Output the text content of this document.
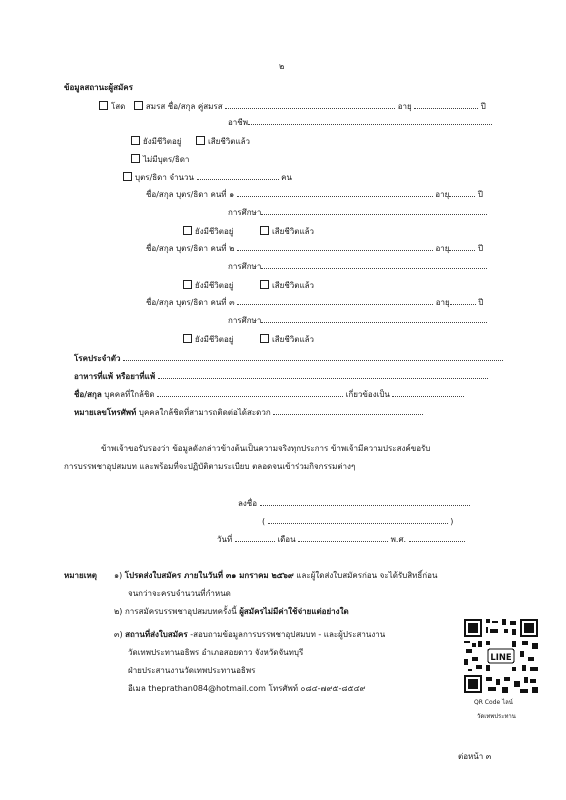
๒
ข้อมูลสถานะผู้สมัคร
โสด	สมรส ชื่อ/สกุล คู่สมรส	อายุ	ปี
อาชีพ
ยังมีชีวิตอยู่	เสียชีวิตแล้ว
ไม่มีบุตร/ธิดา
บุตร/ธิดา จำนวน	คน
ชื่อ/สกุล บุตร/ธิดา คนที่ ๑	อายุ	ปี
การศึกษา
ยังมีชีวิตอยู่	เสียชีวิตแล้ว
ชื่อ/สกุล บุตร/ธิดา คนที่ ๒	อายุ	ปี
การศึกษา
ยังมีชีวิตอยู่	เสียชีวิตแล้ว
ชื่อ/สกุล บุตร/ธิดา คนที่ ๓	อายุ	ปี
การศึกษา
ยังมีชีวิตอยู่	เสียชีวิตแล้ว
โรคประจำตัว
อาหารที่แพ้ หรือยาที่แพ้
ชื่อ/สกุล บุคคลที่ใกล้ชิด	เกี่ยวข้องเป็น
หมายเลขโทรศัพท์ บุคคลใกล้ชิดที่สามารถติดต่อได้สะดวก
ข้าพเจ้าขอรับรองว่า ข้อมูลดังกล่าวข้างต้นเป็นความจริงทุกประการ ข้าพเจ้ามีความประสงค์ขอรับ
การบรรพชาอุปสมบท และพร้อมที่จะปฏิบัติตามระเบียบ ตลอดจนเข้าร่วมกิจกรรมต่างๆ
ลงชื่อ
(	)
วันที่	เดือน	พ.ศ.
หมายเหตุ ๑) โปรดส่งใบสมัคร ภายในวันที่ ๓๑ มกราคม ๒๕๖๙ และผู้ใดส่งใบสมัครก่อน จะได้รับสิทธิ์ก่อน
จนกว่าจะครบจำนวนที่กำหนด
๒) การสมัครบรรพชาอุปสมบทครั้งนี้ ผู้สมัครไม่มีค่าใช้จ่ายแต่อย่างใด
๓) สถานที่ส่งใบสมัคร -สอบถามข้อมูลการบรรพชาอุปสมบท - และผู้ประสานงาน
วัดเทพประทานอธิพร อำเภอสอยดาว จังหวัดจันทบุรี
ฝ่ายประสานงานวัดเทพประทานอธิพร
อีเมล theprathan084@hotmail.com โทรศัพท์ ๐๘๔-๗๙๕-๘๕๔๙
LINE
QR Code ไลน์
วัดเทพประทาน
ต่อหน้า ๓
